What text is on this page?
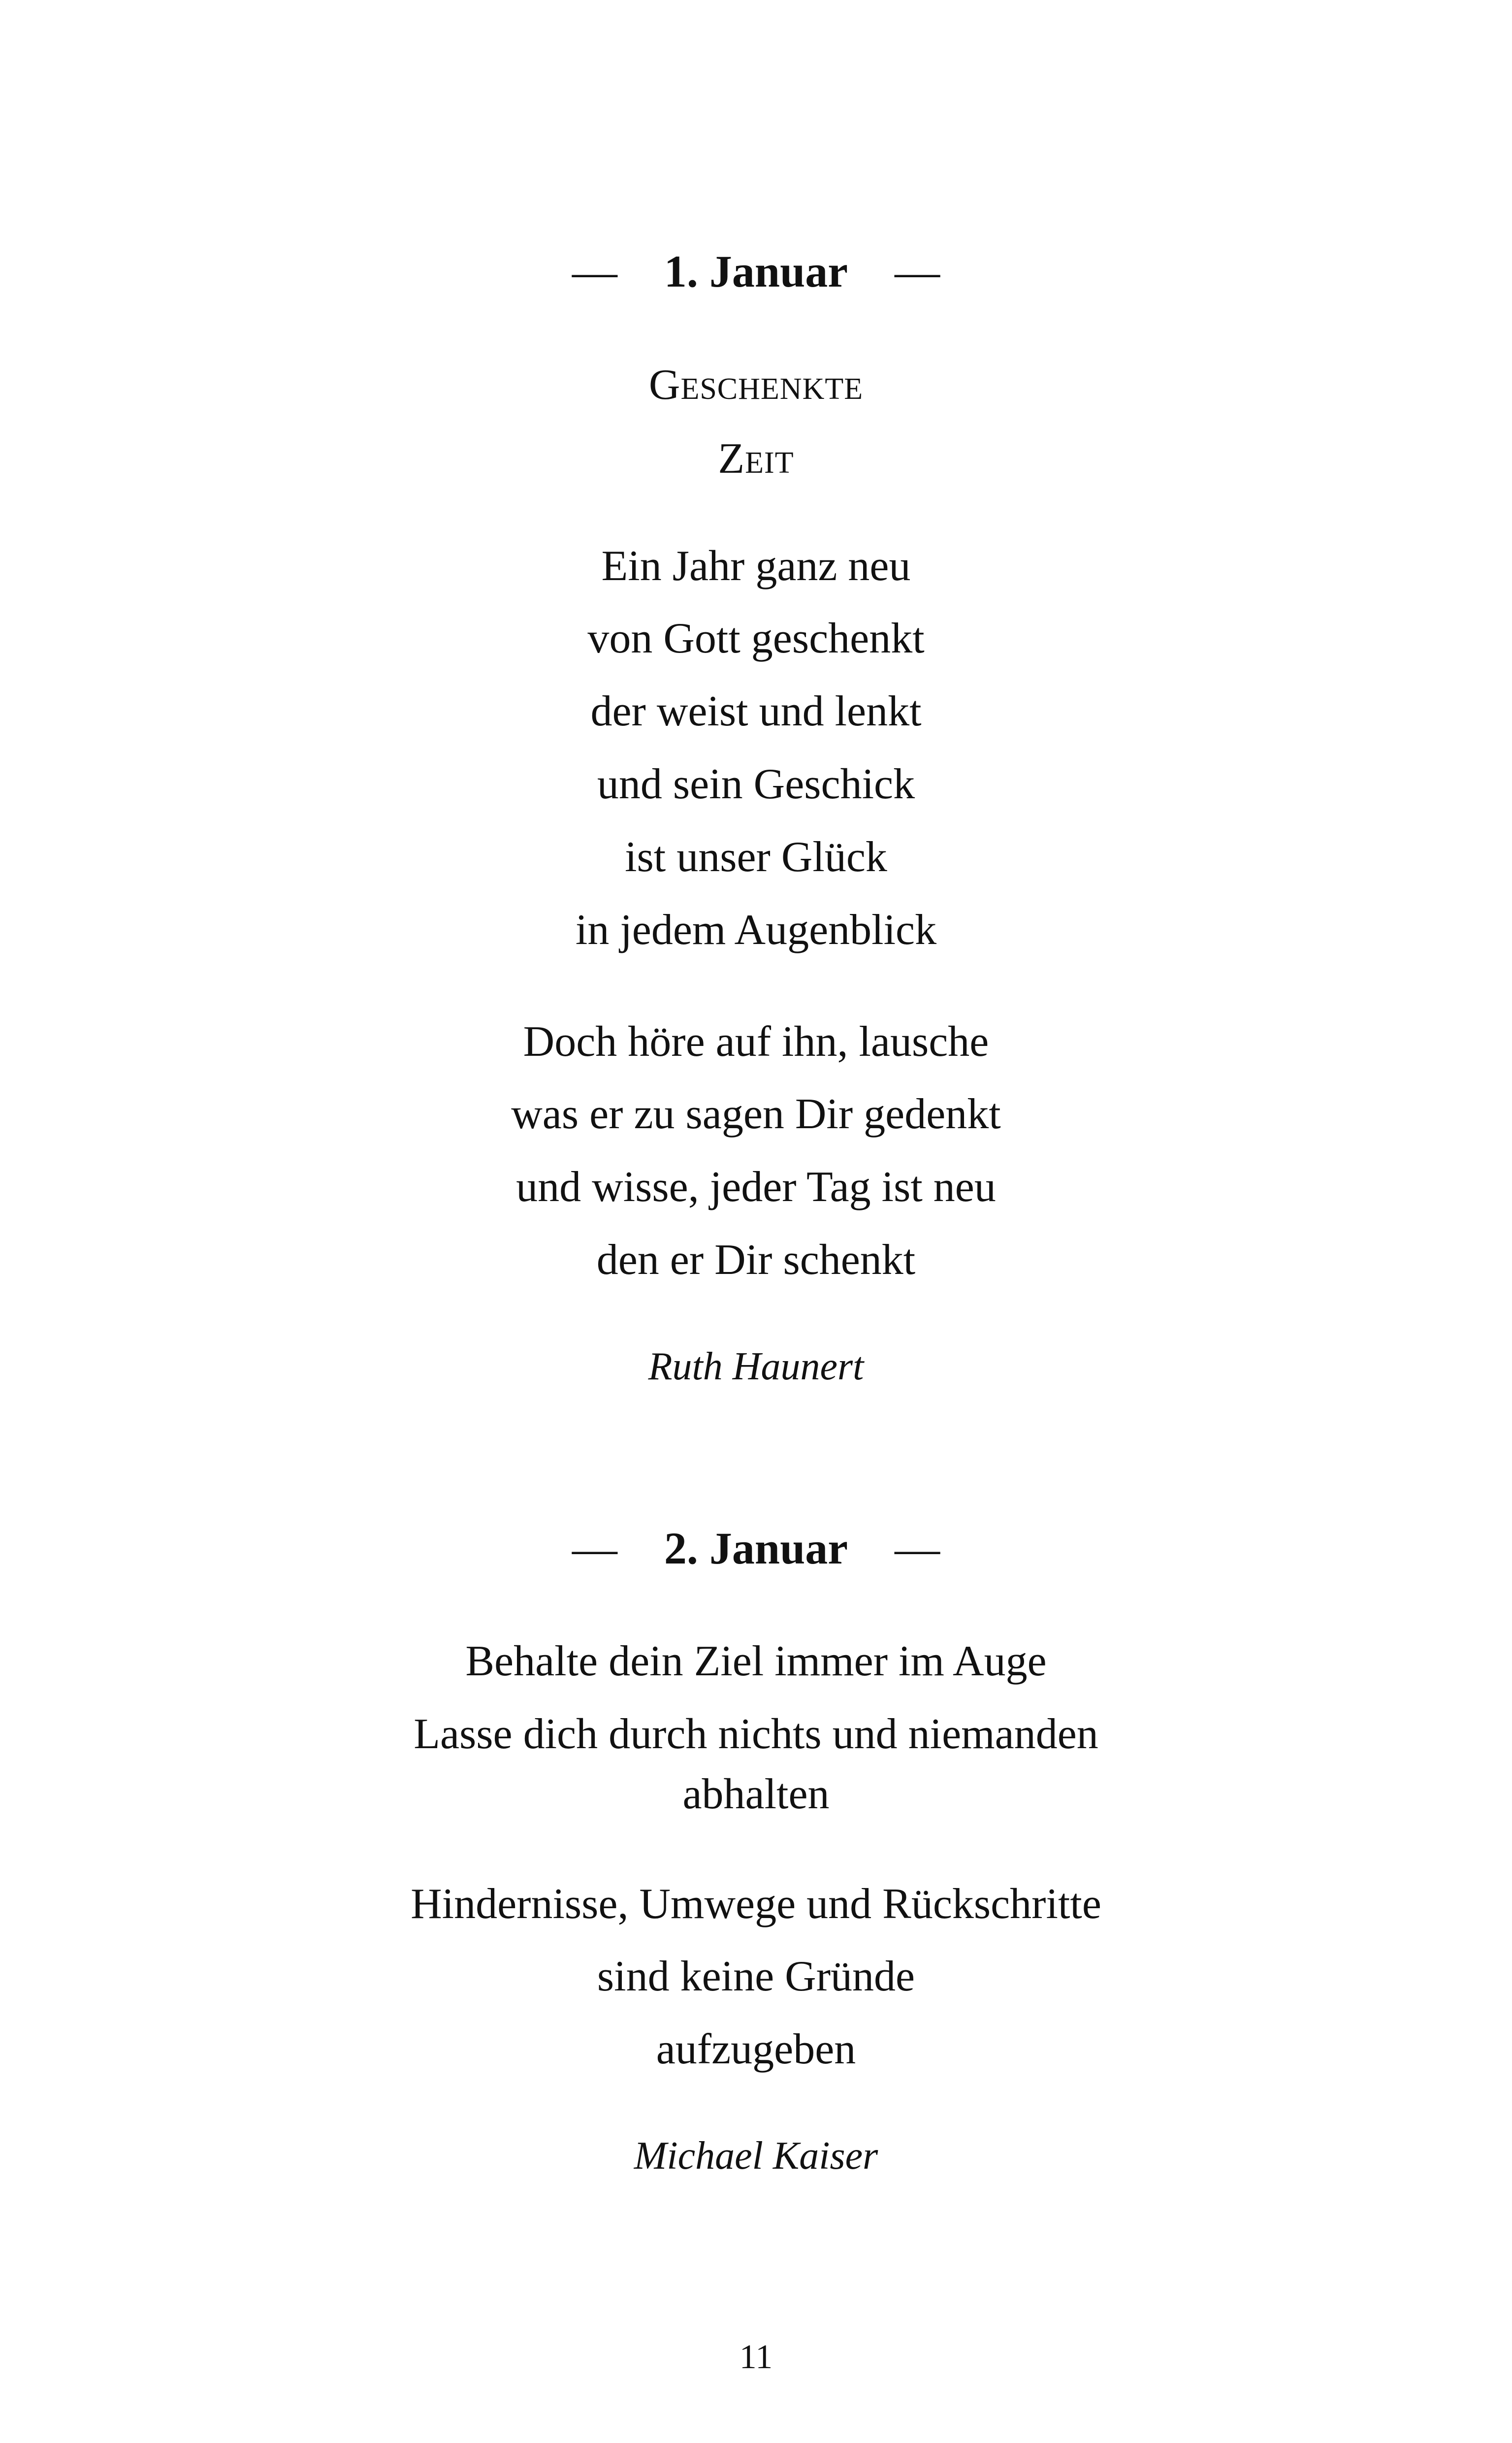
— 1. Januar —
Geschenkte
Zeit
Ein Jahr ganz neu
von Gott geschenkt
der weist und lenkt
und sein Geschick
ist unser Glück
in jedem Augenblick
Doch höre auf ihn, lausche
was er zu sagen Dir gedenkt
und wisse, jeder Tag ist neu
den er Dir schenkt
Ruth Haunert
— 2. Januar —
Behalte dein Ziel immer im Auge
Lasse dich durch nichts und niemanden
abhalten
Hindernisse, Umwege und Rückschritte
sind keine Gründe
aufzugeben
Michael Kaiser
11
